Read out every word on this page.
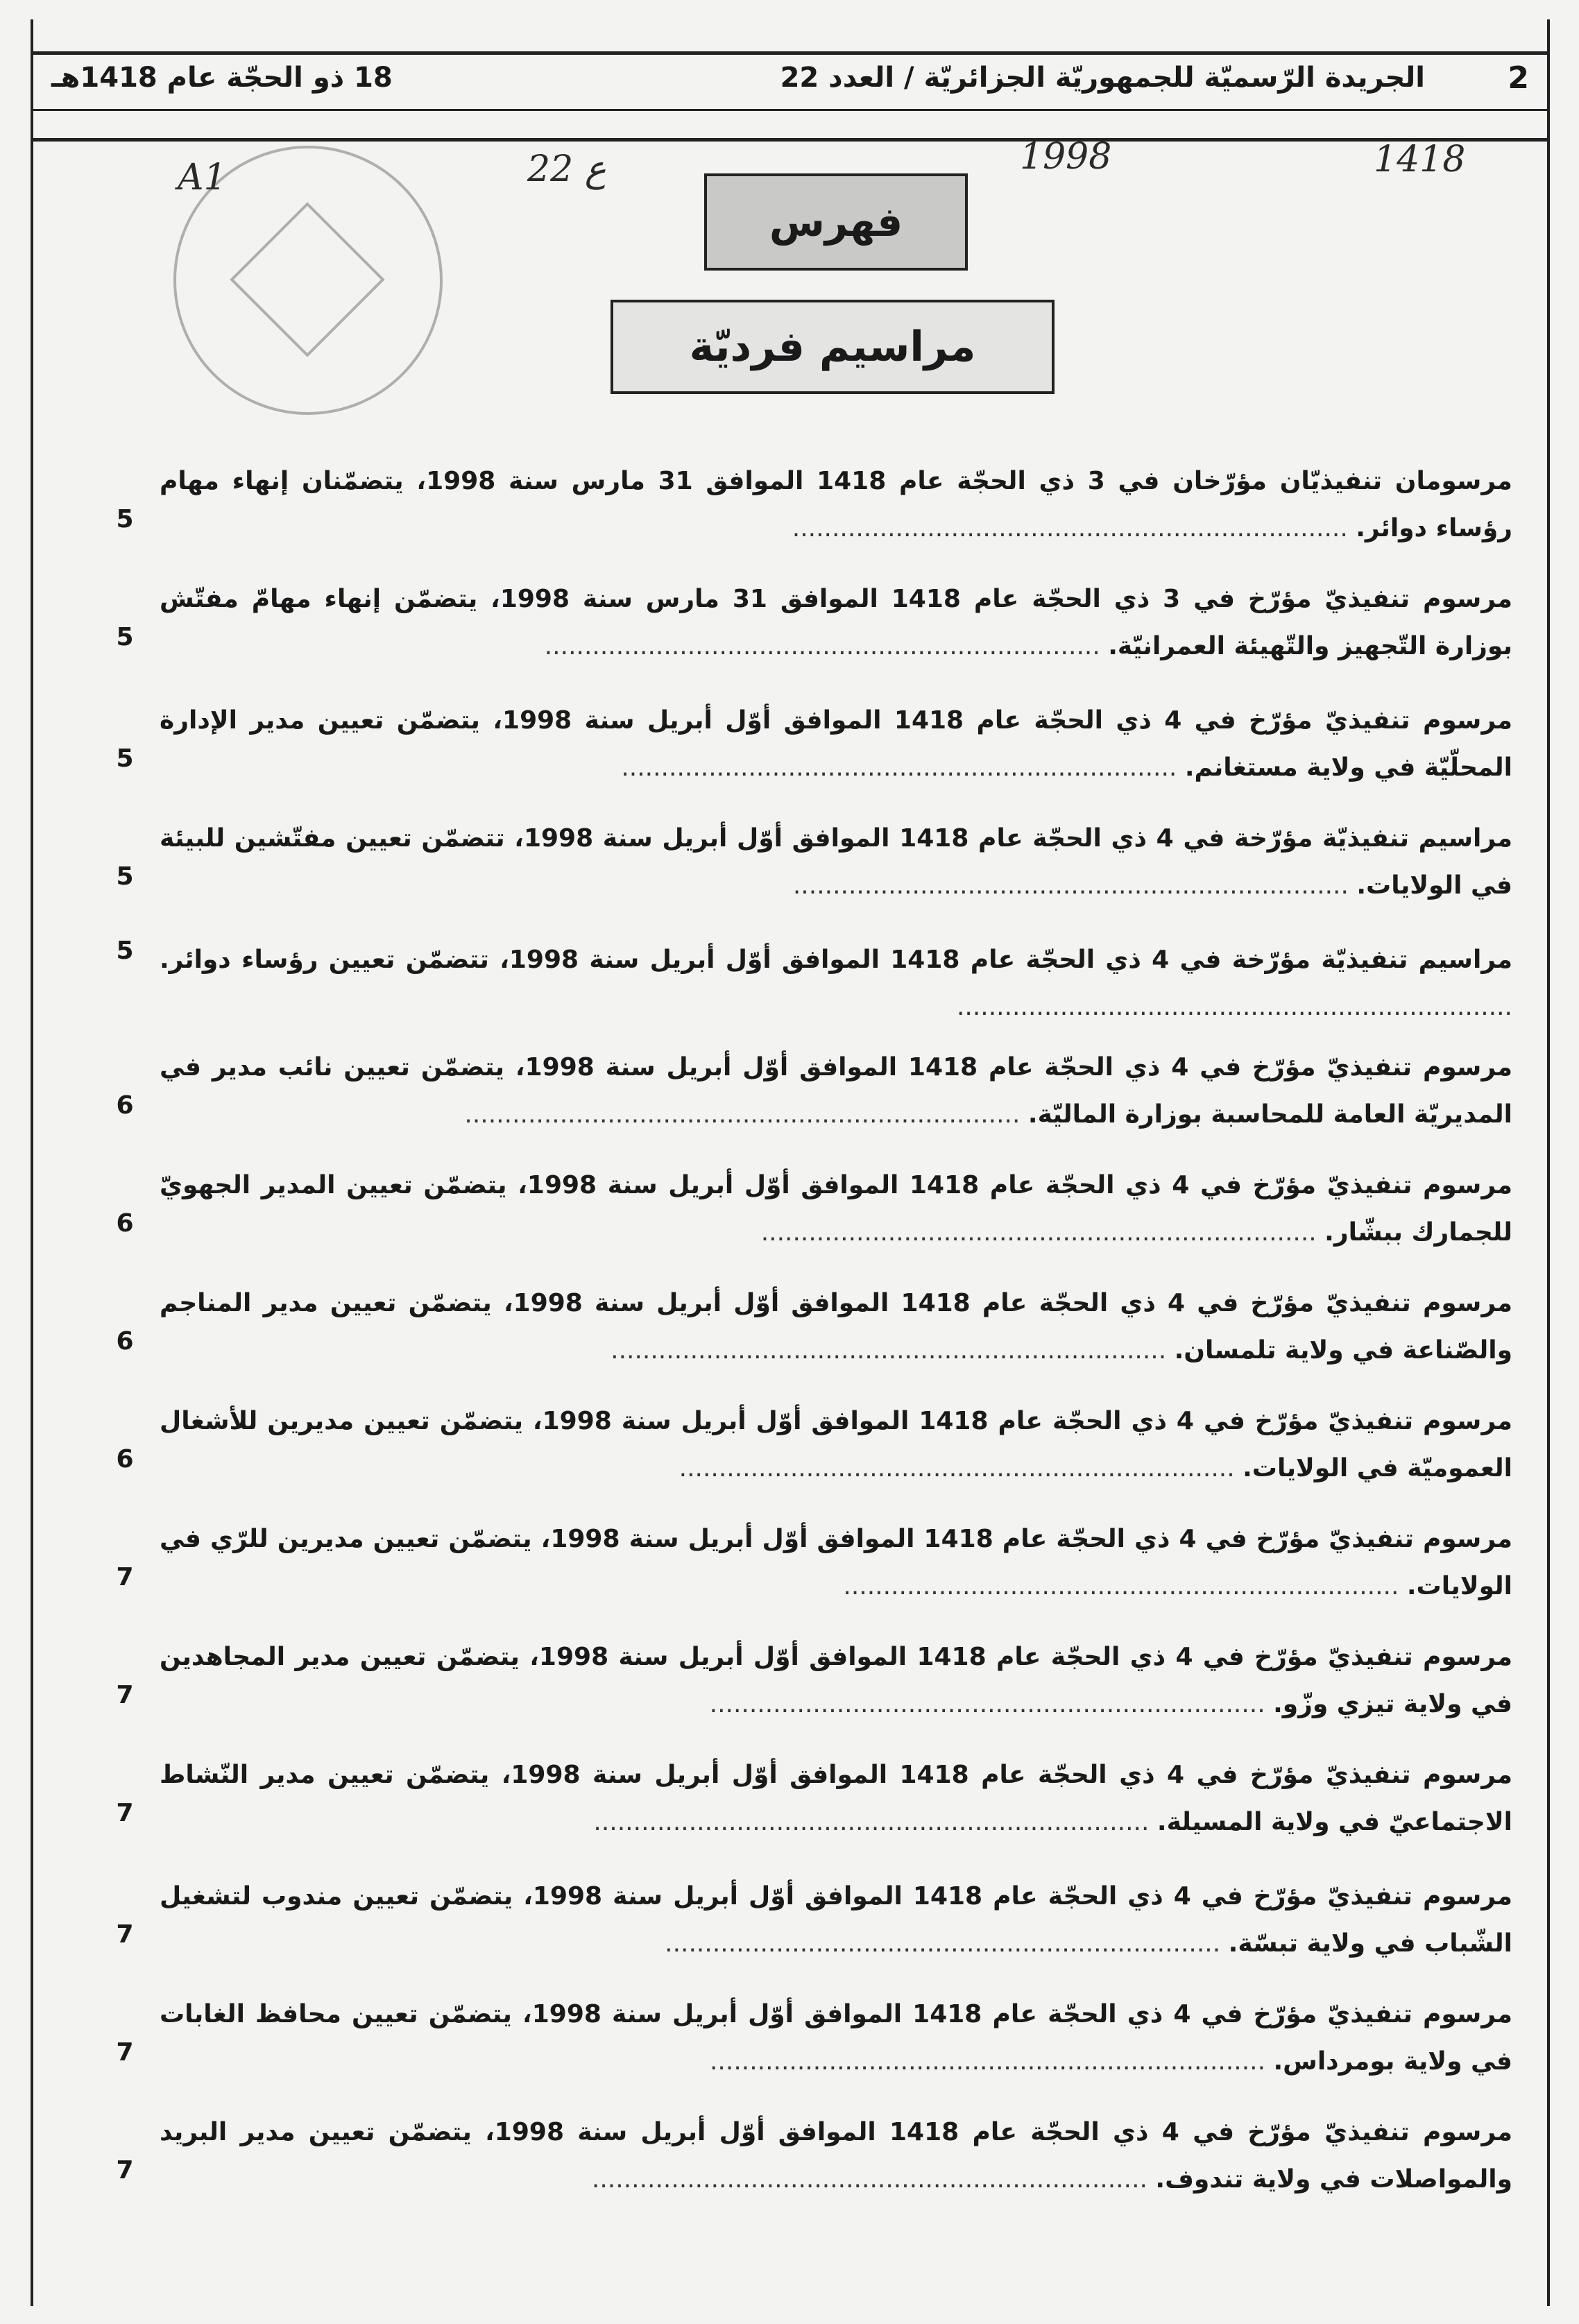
2
الجريدة الرّسميّة للجمهوريّة الجزائريّة / العدد 22
18 ذو الحجّة عام 1418هـ
1418
1998
ع 22
A1
فهرس
مراسيم فرديّة
مرسومان تنفيذيّان مؤرّخان في 3 ذي الحجّة عام 1418 الموافق 31 مارس سنة 1998، يتضمّنان إنهاء مهام رؤساء دوائر. ......................................................................
5
مرسوم تنفيذيّ مؤرّخ في 3 ذي الحجّة عام 1418 الموافق 31 مارس سنة 1998، يتضمّن إنهاء مهامّ مفتّش بوزارة التّجهيز والتّهيئة العمرانيّة. ......................................................................
5
مرسوم تنفيذيّ مؤرّخ في 4 ذي الحجّة عام 1418 الموافق أوّل أبريل سنة 1998، يتضمّن تعيين مدير الإدارة المحلّيّة في ولاية مستغانم. ......................................................................
5
مراسيم تنفيذيّة مؤرّخة في 4 ذي الحجّة عام 1418 الموافق أوّل أبريل سنة 1998، تتضمّن تعيين مفتّشين للبيئة في الولايات. ......................................................................
5
مراسيم تنفيذيّة مؤرّخة في 4 ذي الحجّة عام 1418 الموافق أوّل أبريل سنة 1998، تتضمّن تعيين رؤساء دوائر. ......................................................................
5
مرسوم تنفيذيّ مؤرّخ في 4 ذي الحجّة عام 1418 الموافق أوّل أبريل سنة 1998، يتضمّن تعيين نائب مدير في المديريّة العامة للمحاسبة بوزارة الماليّة. ......................................................................
6
مرسوم تنفيذيّ مؤرّخ في 4 ذي الحجّة عام 1418 الموافق أوّل أبريل سنة 1998، يتضمّن تعيين المدير الجهويّ للجمارك ببشّار. ......................................................................
6
مرسوم تنفيذيّ مؤرّخ في 4 ذي الحجّة عام 1418 الموافق أوّل أبريل سنة 1998، يتضمّن تعيين مدير المناجم والصّناعة في ولاية تلمسان. ......................................................................
6
مرسوم تنفيذيّ مؤرّخ في 4 ذي الحجّة عام 1418 الموافق أوّل أبريل سنة 1998، يتضمّن تعيين مديرين للأشغال العموميّة في الولايات. ......................................................................
6
مرسوم تنفيذيّ مؤرّخ في 4 ذي الحجّة عام 1418 الموافق أوّل أبريل سنة 1998، يتضمّن تعيين مديرين للرّي في الولايات. ......................................................................
7
مرسوم تنفيذيّ مؤرّخ في 4 ذي الحجّة عام 1418 الموافق أوّل أبريل سنة 1998، يتضمّن تعيين مدير المجاهدين في ولاية تيزي وزّو. ......................................................................
7
مرسوم تنفيذيّ مؤرّخ في 4 ذي الحجّة عام 1418 الموافق أوّل أبريل سنة 1998، يتضمّن تعيين مدير النّشاط الاجتماعيّ في ولاية المسيلة. ......................................................................
7
مرسوم تنفيذيّ مؤرّخ في 4 ذي الحجّة عام 1418 الموافق أوّل أبريل سنة 1998، يتضمّن تعيين مندوب لتشغيل الشّباب في ولاية تبسّة. ......................................................................
7
مرسوم تنفيذيّ مؤرّخ في 4 ذي الحجّة عام 1418 الموافق أوّل أبريل سنة 1998، يتضمّن تعيين محافظ الغابات في ولاية بومرداس. ......................................................................
7
مرسوم تنفيذيّ مؤرّخ في 4 ذي الحجّة عام 1418 الموافق أوّل أبريل سنة 1998، يتضمّن تعيين مدير البريد والمواصلات في ولاية تندوف. ......................................................................
7
